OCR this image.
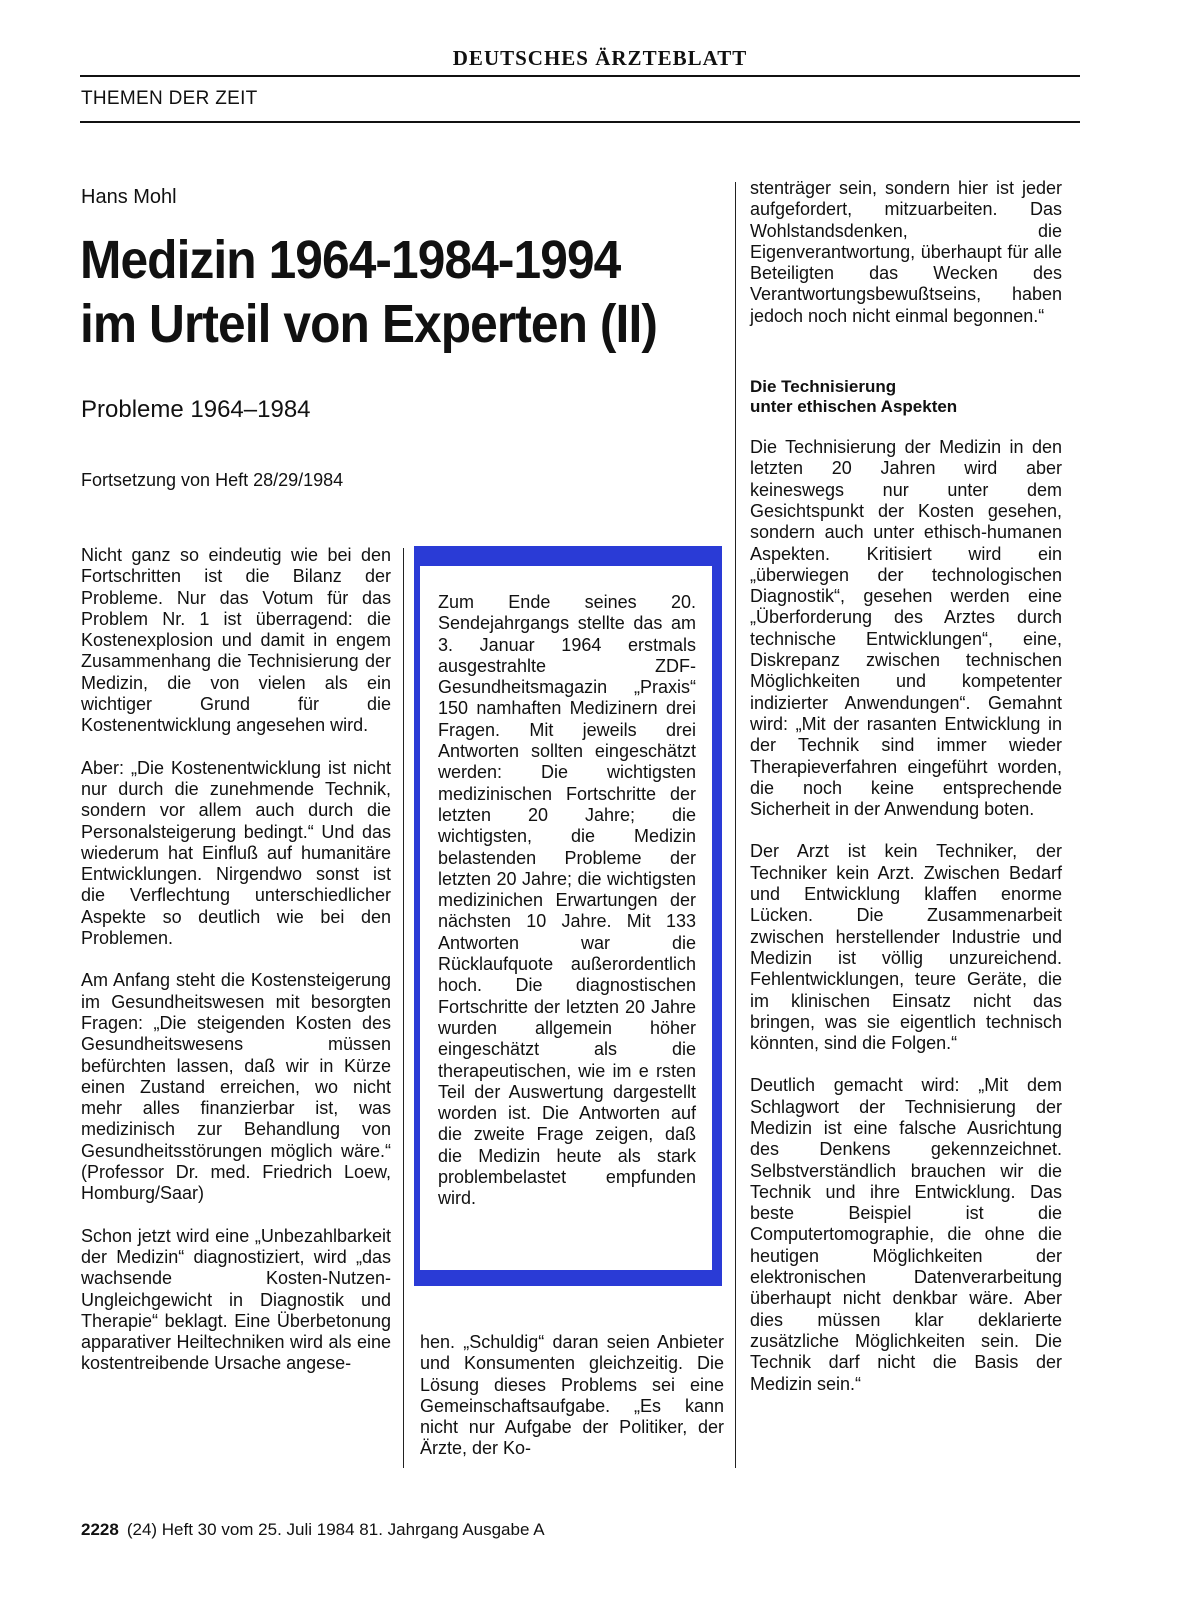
DEUTSCHES ÄRZTEBLATT
THEMEN DER ZEIT
Hans Mohl
Medizin 1964-1984-1994
im Urteil von Experten (II)
Probleme 1964–1984
Fortsetzung von Heft 28/29/1984

Nicht ganz so eindeutig wie bei den Fortschritten ist die Bilanz der Probleme. Nur das Votum für das Problem Nr. 1 ist überragend: die Kostenexplosion und damit in engem Zusammenhang die Technisierung der Medizin, die von vielen als ein wichtiger Grund für die Kostenentwicklung angesehen wird.

Aber: „Die Kostenentwicklung ist nicht nur durch die zunehmende Technik, sondern vor allem auch durch die Personalsteigerung bedingt.“ Und das wiederum hat Einfluß auf humanitäre Entwicklungen. Nirgendwo sonst ist die Verflechtung unterschiedlicher Aspekte so deutlich wie bei den Problemen.

Am Anfang steht die Kostensteigerung im Gesundheitswesen mit besorgten Fragen: „Die steigenden Kosten des Gesundheitswesens müssen befürchten lassen, daß wir in Kürze einen Zustand erreichen, wo nicht mehr alles finanzierbar ist, was medizinisch zur Behandlung von Gesundheitsstörungen möglich wäre.“ (Professor Dr. med. Friedrich Loew, Homburg/Saar)

Schon jetzt wird eine „Unbezahlbarkeit der Medizin“ diagnostiziert, wird „das wachsende Kosten-Nutzen-Ungleichgewicht in Diagnostik und Therapie“ beklagt. Eine Überbetonung apparativer Heiltechniken wird als eine kostentreibende Ursache angese-

Zum Ende seines 20. Sendejahrgangs stellte das am 3. Januar 1964 erstmals ausgestrahlte ZDF-Gesundheitsmagazin „Praxis“ 150 namhaften Medizinern drei Fragen. Mit jeweils drei Antworten sollten eingeschätzt werden: Die wichtigsten medizinischen Fortschritte der letzten 20 Jahre; die wichtigsten, die Medizin belastenden Probleme der letzten 20 Jahre; die wichtigsten medizinichen Erwartungen der nächsten 10 Jahre. Mit 133 Antworten war die Rücklaufquote außerordentlich hoch. Die diagnostischen Fortschritte der letzten 20 Jahre wurden allgemein höher eingeschätzt als die therapeutischen, wie im e rsten Teil der Auswertung dargestellt worden ist. Die Antworten auf die zweite Frage zeigen, daß die Medizin heute als stark problembelastet empfunden wird.

hen. „Schuldig“ daran seien Anbieter und Konsumenten gleichzeitig. Die Lösung dieses Problems sei eine Gemeinschaftsaufgabe. „Es kann nicht nur Aufgabe der Politiker, der Ärzte, der Ko-

stenträger sein, sondern hier ist jeder aufgefordert, mitzuarbeiten. Das Wohlstandsdenken, die Eigenverantwortung, überhaupt für alle Beteiligten das Wecken des Verantwortungsbewußtseins, haben jedoch noch nicht einmal begonnen.“

Die Technisierung
unter ethischen Aspekten

Die Technisierung der Medizin in den letzten 20 Jahren wird aber keineswegs nur unter dem Gesichtspunkt der Kosten gesehen, sondern auch unter ethisch-humanen Aspekten. Kritisiert wird ein „überwiegen der technologischen Diagnostik“, gesehen werden eine „Überforderung des Arztes durch technische Entwicklungen“, eine, Diskrepanz zwischen technischen Möglichkeiten und kompetenter indizierter Anwendungen“. Gemahnt wird: „Mit der rasanten Entwicklung in der Technik sind immer wieder Therapieverfahren eingeführt worden, die noch keine entsprechende Sicherheit in der Anwendung boten.

Der Arzt ist kein Techniker, der Techniker kein Arzt. Zwischen Bedarf und Entwicklung klaffen enorme Lücken. Die Zusammenarbeit zwischen herstellender Industrie und Medizin ist völlig unzureichend. Fehlentwicklungen, teure Geräte, die im klinischen Einsatz nicht das bringen, was sie eigentlich technisch könnten, sind die Folgen.“

Deutlich gemacht wird: „Mit dem Schlagwort der Technisierung der Medizin ist eine falsche Ausrichtung des Denkens gekennzeichnet. Selbstverständlich brauchen wir die Technik und ihre Entwicklung. Das beste Beispiel ist die Computertomographie, die ohne die heutigen Möglichkeiten der elektronischen Datenverarbeitung überhaupt nicht denkbar wäre. Aber dies müssen klar deklarierte zusätzliche Möglichkeiten sein. Die Technik darf nicht die Basis der Medizin sein.“

2228 (24) Heft 30 vom 25. Juli 1984 81. Jahrgang Ausgabe A
